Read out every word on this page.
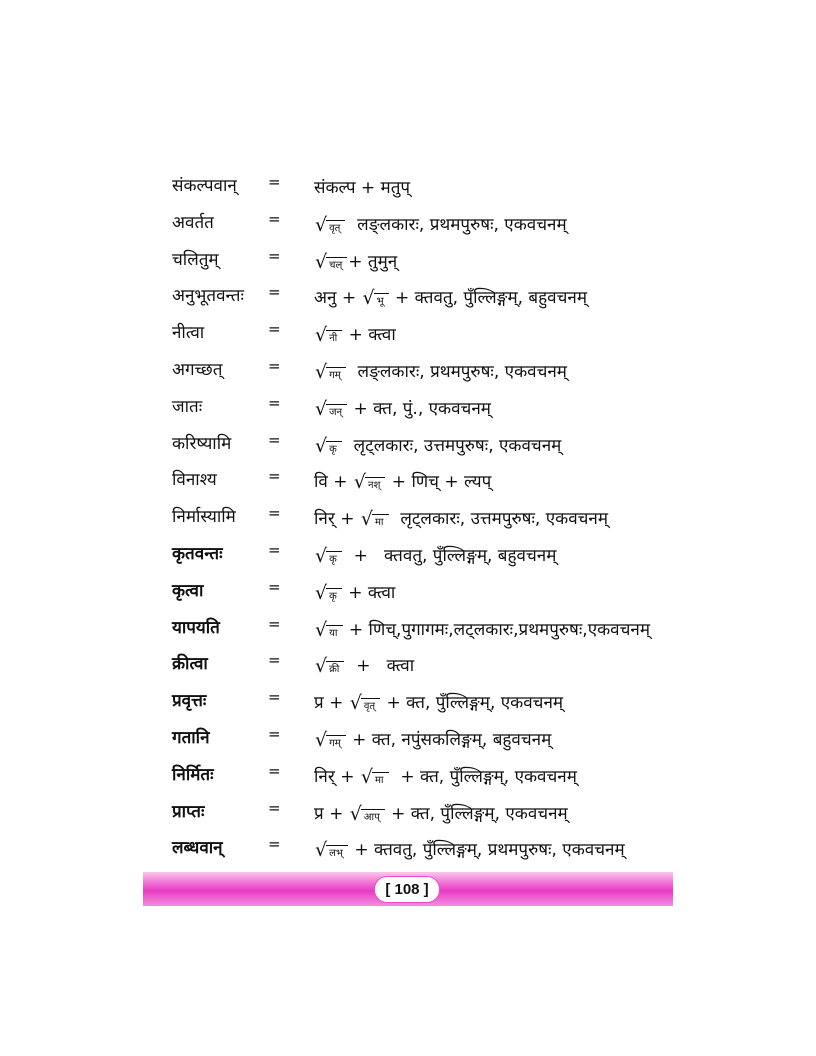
संकल्पवान् = संकल्प + मतुप्
अवर्तत	= √ वृत् लङ्लकारः, प्रथमपुरुषः, एकवचनम्
चलितुम्	= √ चल् + तुमुन्
अनुभूतवन्तः = अनु + √ भू + क्तवतु, पुँल्लिङ्गम्, बहुवचनम्
नीत्वा	= √ नी + क्त्वा
अगच्छत्	= √ गम् लङ्लकारः, प्रथमपुरुषः, एकवचनम्
जातः	= √ जन् + क्त, पुं., एकवचनम्
करिष्यामि = √ कृ लृट्लकारः, उत्तमपुरुषः, एकवचनम्
विनाश्य	= वि + √ नश् + णिच् + ल्यप्
निर्मास्यामि = निर् + √ मा लृट्लकारः, उत्तमपुरुषः, एकवचनम्
कृतवन्तः	= √ कृ +   क्तवतु, पुँल्लिङ्गम्, बहुवचनम्
कृत्वा	= √ कृ + क्त्वा
यापयति	= √ या + णिच्,पुगागमः,लट्लकारः,प्रथमपुरुषः,एकवचनम्
क्रीत्वा	= √ क्री +   क्त्वा
प्रवृत्तः	= प्र + √ वृत् + क्त, पुँल्लिङ्गम्, एकवचनम्
गतानि	= √ गम् + क्त, नपुंसकलिङ्गम्, बहुवचनम्
निर्मितः	= निर् + √ मा + क्त, पुँल्लिङ्गम्, एकवचनम्
प्राप्तः	= प्र + √ आप् + क्त, पुँल्लिङ्गम्, एकवचनम्
लब्धवान्	= √ लभ् + क्तवतु, पुँल्लिङ्गम्, प्रथमपुरुषः, एकवचनम्
[ 108 ]
